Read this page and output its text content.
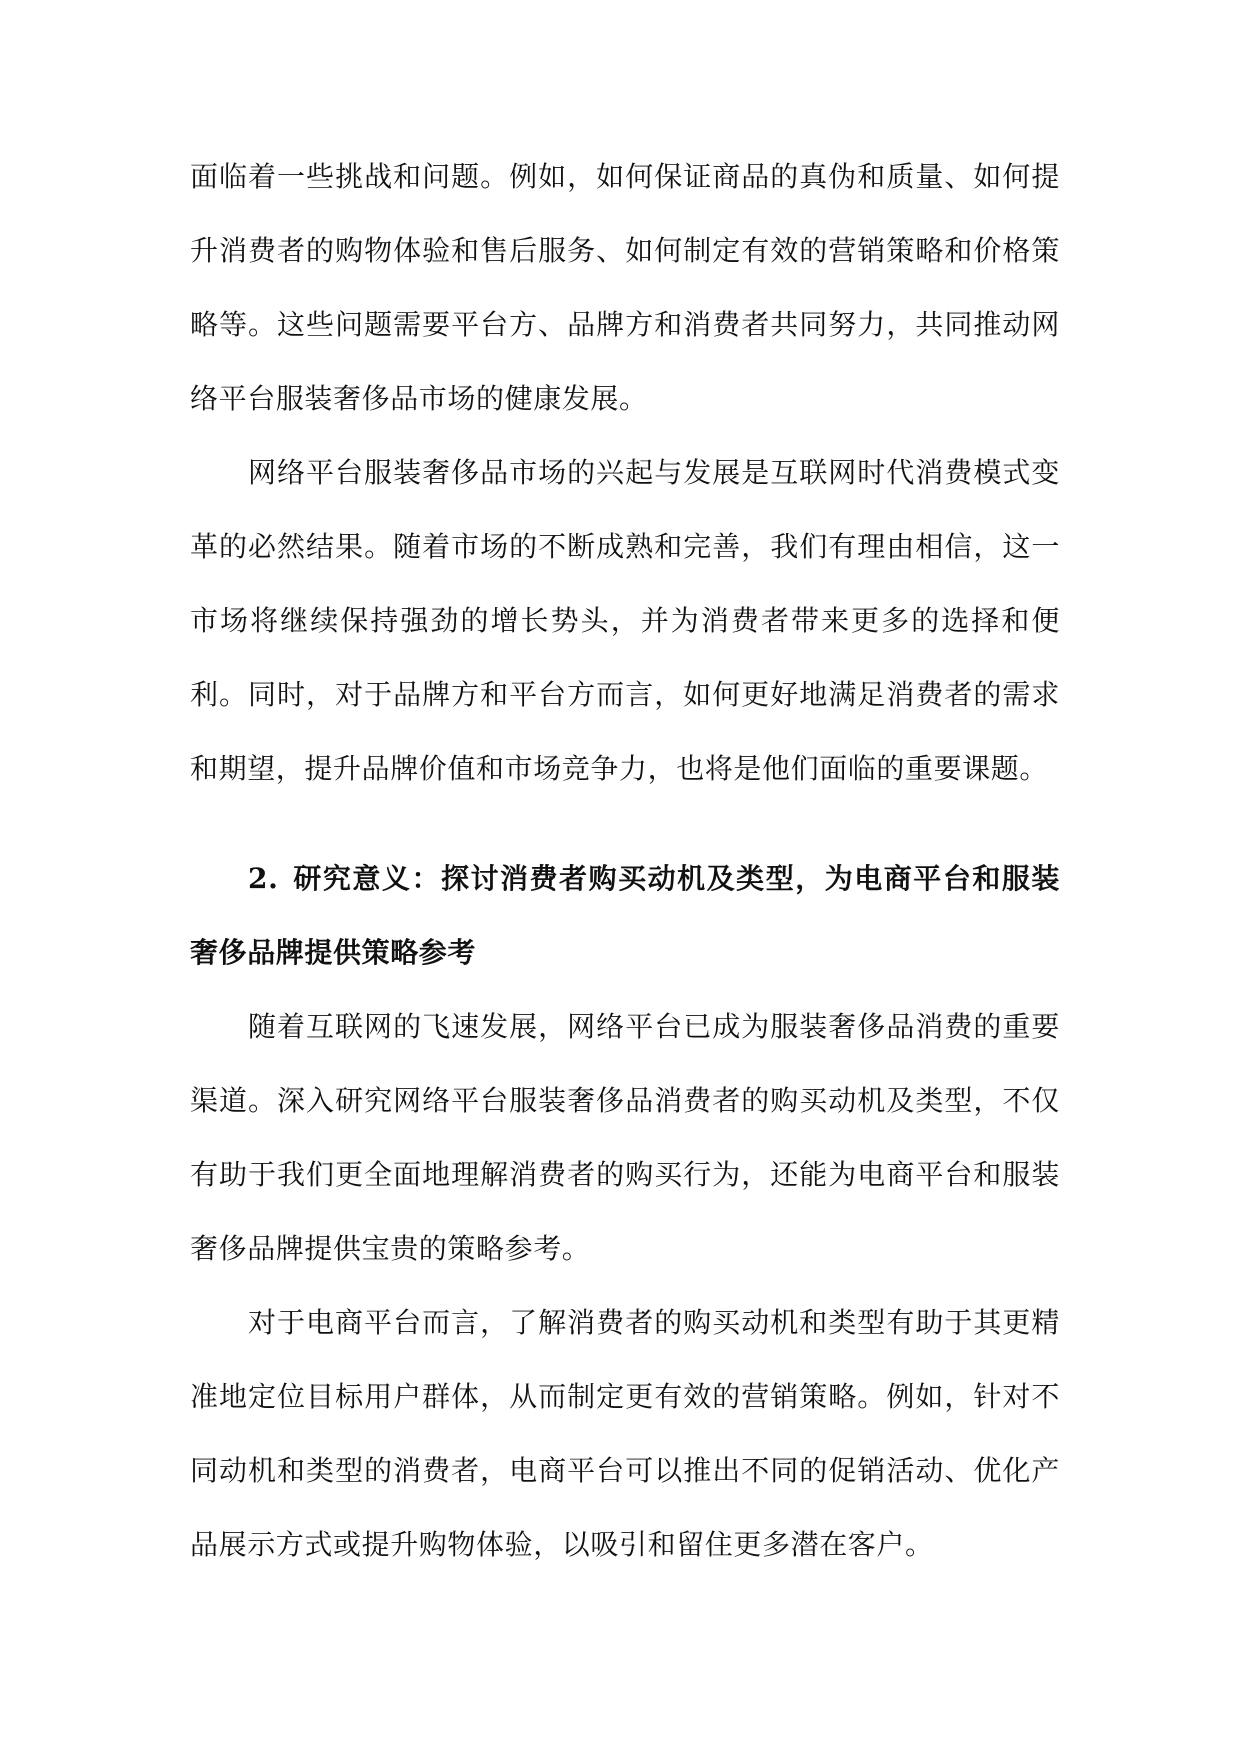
面临着一些挑战和问题。例如，如何保证商品的真伪和质量、如何提升消费者的购物体验和售后服务、如何制定有效的营销策略和价格策略等。这些问题需要平台方、品牌方和消费者共同努力，共同推动网络平台服装奢侈品市场的健康发展。

网络平台服装奢侈品市场的兴起与发展是互联网时代消费模式变革的必然结果。随着市场的不断成熟和完善，我们有理由相信，这一市场将继续保持强劲的增长势头，并为消费者带来更多的选择和便利。同时，对于品牌方和平台方而言，如何更好地满足消费者的需求和期望，提升品牌价值和市场竞争力，也将是他们面临的重要课题。

2. 研究意义：探讨消费者购买动机及类型，为电商平台和服装奢侈品牌提供策略参考

随着互联网的飞速发展，网络平台已成为服装奢侈品消费的重要渠道。深入研究网络平台服装奢侈品消费者的购买动机及类型，不仅有助于我们更全面地理解消费者的购买行为，还能为电商平台和服装奢侈品牌提供宝贵的策略参考。

对于电商平台而言，了解消费者的购买动机和类型有助于其更精准地定位目标用户群体，从而制定更有效的营销策略。例如，针对不同动机和类型的消费者，电商平台可以推出不同的促销活动、优化产品展示方式或提升购物体验，以吸引和留住更多潜在客户。
